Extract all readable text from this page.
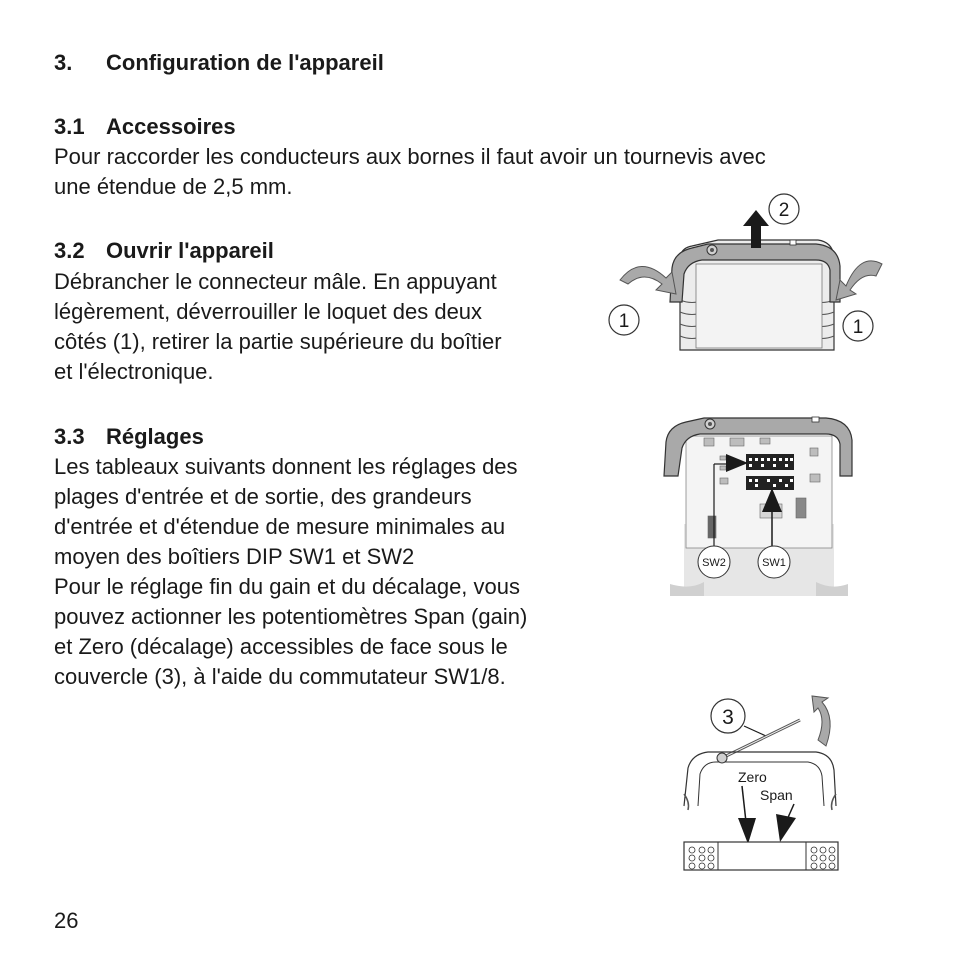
3. Configuration de l'appareil
3.1 Accessoires
Pour raccorder les conducteurs aux bornes il faut avoir un tournevis avec
une étendue de 2,5 mm.
3.2 Ouvrir l'appareil
Débrancher le connecteur mâle. En appuyant
légèrement, déverrouiller le loquet des deux
côtés (1), retirer la partie supérieure du boîtier
et l'électronique.
3.3 Réglages
Les tableaux suivants donnent les réglages des
plages d'entrée et de sortie, des grandeurs
d'entrée et d'étendue de mesure minimales au
moyen des boîtiers DIP SW1 et SW2
Pour le réglage fin du gain et du décalage, vous
pouvez actionner les potentiomètres Span (gain)
et Zero (décalage) accessibles de face sous le
couvercle (3), à l'aide du commutateur SW1/8.
2
1	1
SW2	SW1
3
Zero
Span
26
